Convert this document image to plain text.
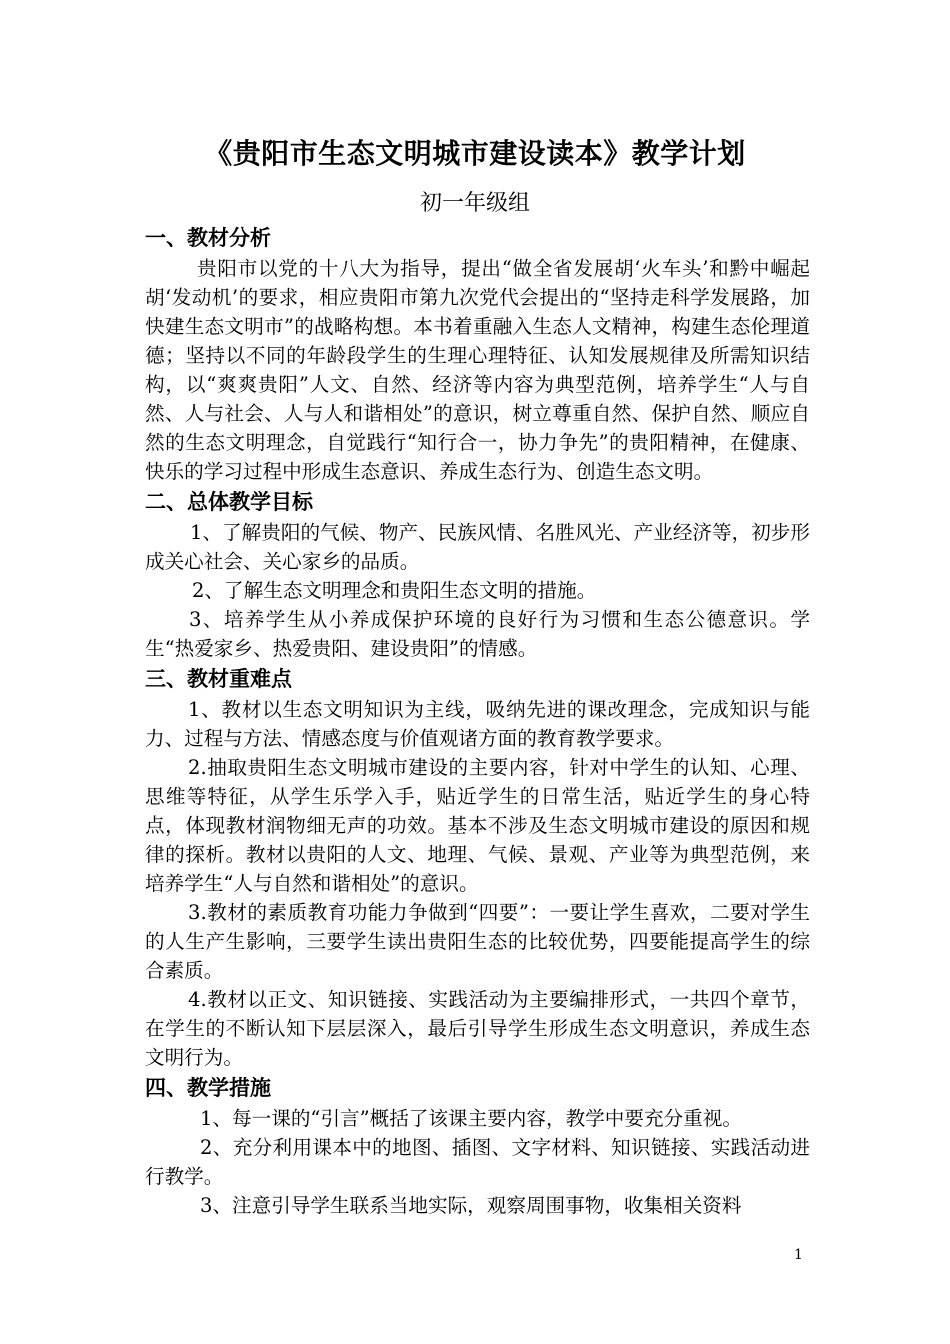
《贵阳市生态文明城市建设读本》教学计划
初一年级组
一、教材分析

贵阳市以党的十八大为指导，提出“做全省发展胡‘火车头’和黔中崛起胡‘发动机’的要求，相应贵阳市第九次党代会提出的“坚持走科学发展路，加快建生态文明市”的战略构想。本书着重融入生态人文精神，构建生态伦理道德；坚持以不同的年龄段学生的生理心理特征、认知发展规律及所需知识结构，以“爽爽贵阳”人文、自然、经济等内容为典型范例，培养学生“人与自然、人与社会、人与人和谐相处”的意识，树立尊重自然、保护自然、顺应自然的生态文明理念，自觉践行“知行合一，协力争先”的贵阳精神，在健康、快乐的学习过程中形成生态意识、养成生态行为、创造生态文明。

二、总体教学目标

1、了解贵阳的气候、物产、民族风情、名胜风光、产业经济等，初步形成关心社会、关心家乡的品质。

2、了解生态文明理念和贵阳生态文明的措施。

3、培养学生从小养成保护环境的良好行为习惯和生态公德意识。学生“热爱家乡、热爱贵阳、建设贵阳”的情感。

三、教材重难点

1、教材以生态文明知识为主线，吸纳先进的课改理念，完成知识与能力、过程与方法、情感态度与价值观诸方面的教育教学要求。

2.抽取贵阳生态文明城市建设的主要内容，针对中学生的认知、心理、思维等特征，从学生乐学入手，贴近学生的日常生活，贴近学生的身心特点，体现教材润物细无声的功效。基本不涉及生态文明城市建设的原因和规律的探析。教材以贵阳的人文、地理、气候、景观、产业等为典型范例，来培养学生“人与自然和谐相处”的意识。

3.教材的素质教育功能力争做到“四要”：一要让学生喜欢，二要对学生的人生产生影响，三要学生读出贵阳生态的比较优势，四要能提高学生的综合素质。

4.教材以正文、知识链接、实践活动为主要编排形式，一共四个章节，在学生的不断认知下层层深入，最后引导学生形成生态文明意识，养成生态文明行为。

四、教学措施

1、每一课的“引言”概括了该课主要内容，教学中要充分重视。

2、充分利用课本中的地图、插图、文字材料、知识链接、实践活动进行教学。

3、注意引导学生联系当地实际，观察周围事物，收集相关资料

1
